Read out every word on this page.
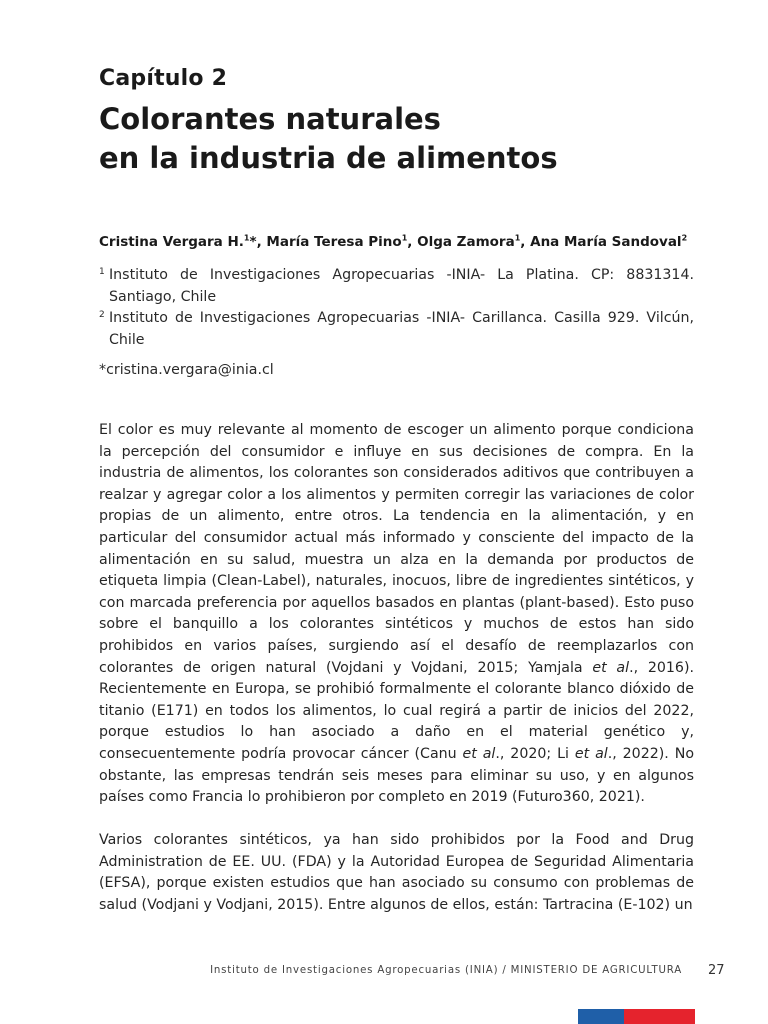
Capítulo 2
Colorantes naturales
en la industria de alimentos
Cristina Vergara H.$^1$*, María Teresa Pino$^1$, Olga Zamora$^1$, Ana María Sandoval$^2$
1 Instituto de Investigaciones Agropecuarias -INIA- La Platina. CP: 8831314. Santiago, Chile
2 Instituto de Investigaciones Agropecuarias -INIA- Carillanca. Casilla 929. Vilcún, Chile
*cristina.vergara@inia.cl

El color es muy relevante al momento de escoger un alimento porque condiciona la percepción del consumidor e influye en sus decisiones de compra. En la industria de alimentos, los colorantes son considerados aditivos que contribuyen a realzar y agregar color a los alimentos y permiten corregir las variaciones de color propias de un alimento, entre otros. La tendencia en la alimentación, y en particular del consumidor actual más informado y consciente del impacto de la alimentación en su salud, muestra un alza en la demanda por productos de etiqueta limpia (Clean-Label), naturales, inocuos, libre de ingredientes sintéticos, y con marcada preferencia por aquellos basados en plantas (plant-based). Esto puso sobre el banquillo a los colorantes sintéticos y muchos de estos han sido prohibidos en varios países, surgiendo así el desafío de reemplazarlos con colorantes de origen natural (Vojdani y Vojdani, 2015; Yamjala et al., 2016). Recientemente en Europa, se prohibió formalmente el colorante blanco dióxido de titanio (E171) en todos los alimentos, lo cual regirá a partir de inicios del 2022, porque estudios lo han asociado a daño en el material genético y, consecuentemente podría provocar cáncer (Canu et al., 2020; Li et al., 2022). No obstante, las empresas tendrán seis meses para eliminar su uso, y en algunos países como Francia lo prohibieron por completo en 2019 (Futuro360, 2021).

Varios colorantes sintéticos, ya han sido prohibidos por la Food and Drug Administration de EE. UU. (FDA) y la Autoridad Europea de Seguridad Alimentaria (EFSA), porque existen estudios que han asociado su consumo con problemas de salud (Vodjani y Vodjani, 2015). Entre algunos de ellos, están: Tartracina (E-102) un

Instituto de Investigaciones Agropecuarias (INIA) / MINISTERIO DE AGRICULTURA 27
